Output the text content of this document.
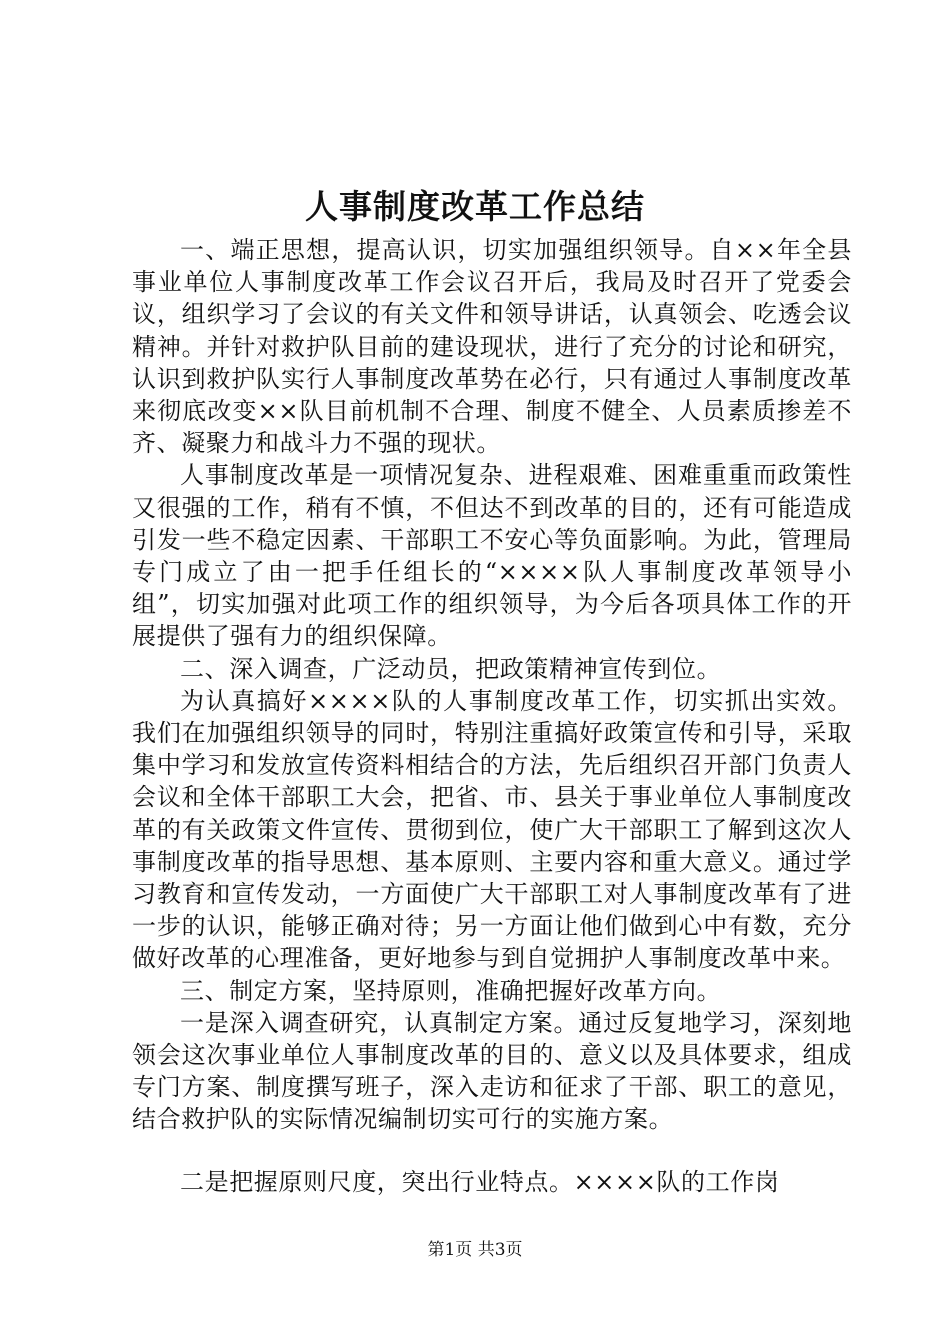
人事制度改革工作总结

一、端正思想，提高认识，切实加强组织领导。自××年全县事业单位人事制度改革工作会议召开后，我局及时召开了党委会议，组织学习了会议的有关文件和领导讲话，认真领会、吃透会议精神。并针对救护队目前的建设现状，进行了充分的讨论和研究，认识到救护队实行人事制度改革势在必行，只有通过人事制度改革来彻底改变××队目前机制不合理、制度不健全、人员素质掺差不齐、凝聚力和战斗力不强的现状。

人事制度改革是一项情况复杂、进程艰难、困难重重而政策性又很强的工作，稍有不慎，不但达不到改革的目的，还有可能造成引发一些不稳定因素、干部职工不安心等负面影响。为此，管理局专门成立了由一把手任组长的“××××队人事制度改革领导小组”，切实加强对此项工作的组织领导，为今后各项具体工作的开展提供了强有力的组织保障。

二、深入调查，广泛动员，把政策精神宣传到位。

为认真搞好××××队的人事制度改革工作，切实抓出实效。我们在加强组织领导的同时，特别注重搞好政策宣传和引导，采取集中学习和发放宣传资料相结合的方法，先后组织召开部门负责人会议和全体干部职工大会，把省、市、县关于事业单位人事制度改革的有关政策文件宣传、贯彻到位，使广大干部职工了解到这次人事制度改革的指导思想、基本原则、主要内容和重大意义。通过学习教育和宣传发动，一方面使广大干部职工对人事制度改革有了进一步的认识，能够正确对待；另一方面让他们做到心中有数，充分做好改革的心理准备，更好地参与到自觉拥护人事制度改革中来。

三、制定方案，坚持原则，准确把握好改革方向。

一是深入调查研究，认真制定方案。通过反复地学习，深刻地领会这次事业单位人事制度改革的目的、意义以及具体要求，组成专门方案、制度撰写班子，深入走访和征求了干部、职工的意见，结合救护队的实际情况编制切实可行的实施方案。

二是把握原则尺度，突出行业特点。××××队的工作岗

第1页 共3页
